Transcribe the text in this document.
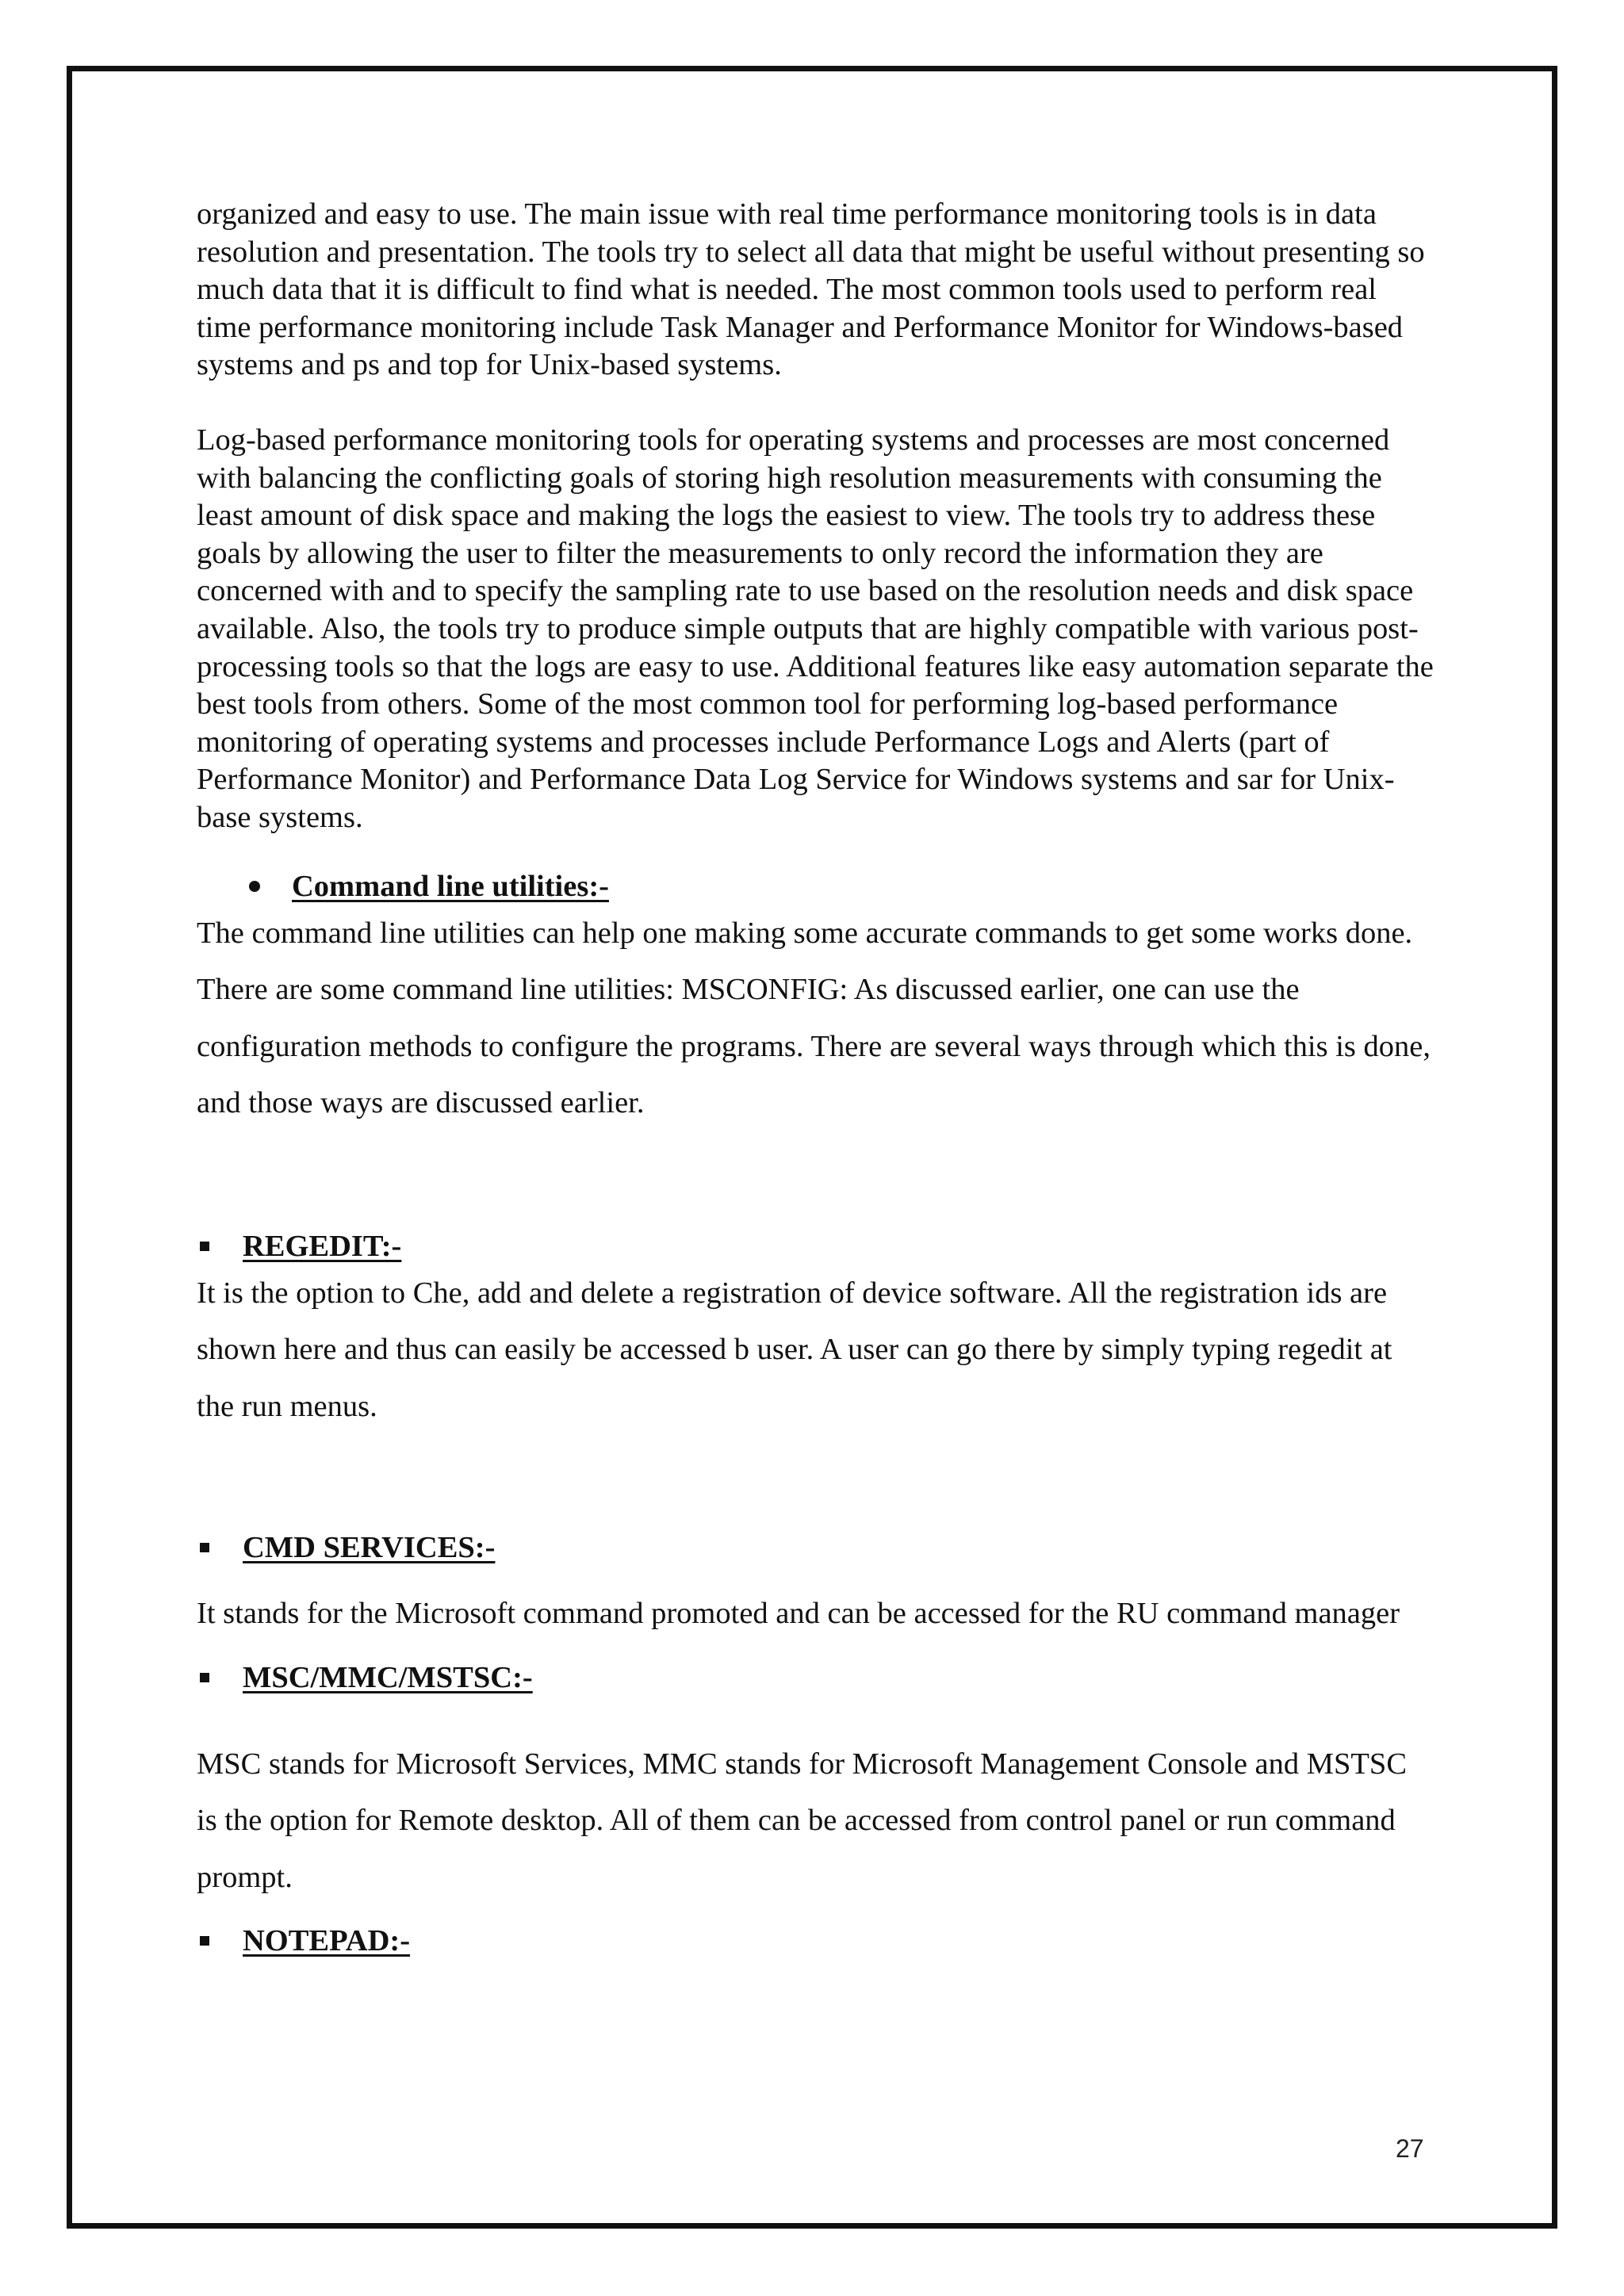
organized and easy to use. The main issue with real time performance monitoring tools is in data resolution and presentation. The tools try to select all data that might be useful without presenting so much data that it is difficult to find what is needed. The most common tools used to perform real time performance monitoring include Task Manager and Performance Monitor for Windows-based systems and ps and top for Unix-based systems.

Log-based performance monitoring tools for operating systems and processes are most concerned with balancing the conflicting goals of storing high resolution measurements with consuming the least amount of disk space and making the logs the easiest to view. The tools try to address these goals by allowing the user to filter the measurements to only record the information they are concerned with and to specify the sampling rate to use based on the resolution needs and disk space available. Also, the tools try to produce simple outputs that are highly compatible with various post-processing tools so that the logs are easy to use. Additional features like easy automation separate the best tools from others. Some of the most common tool for performing log-based performance monitoring of operating systems and processes include Performance Logs and Alerts (part of Performance Monitor) and Performance Data Log Service for Windows systems and sar for Unix-base systems.

Command line utilities:-

The command line utilities can help one making some accurate commands to get some works done. There are some command line utilities: MSCONFIG: As discussed earlier, one can use the configuration methods to configure the programs. There are several ways through which this is done, and those ways are discussed earlier.

REGEDIT:-

It is the option to Che, add and delete a registration of device software. All the registration ids are shown here and thus can easily be accessed b user. A user can go there by simply typing regedit at the run menus.

CMD SERVICES:-

It stands for the Microsoft command promoted and can be accessed for the RU command manager

MSC/MMC/MSTSC:-

MSC stands for Microsoft Services, MMC stands for Microsoft Management Console and MSTSC is the option for Remote desktop. All of them can be accessed from control panel or run command prompt.

NOTEPAD:-
27
